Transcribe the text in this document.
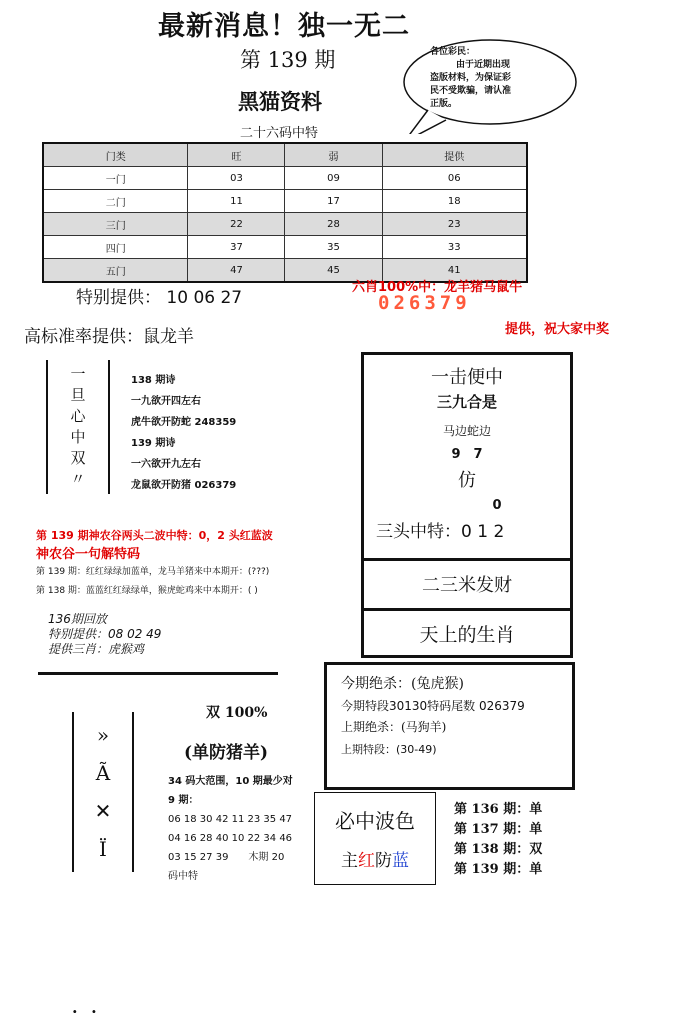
最新消息！独一无二
第 139 期
黑猫资料
二十六码中特
门类	旺	弱	提供
一门	03	09	06
二门	11	17	18
三门	22	28	23
四门	37	35	33
五门	47	45	41
各位彩民：
由于近期出现
盗版材料，为保证彩
民不受欺骗，请认准
正版。
特别提供： 10 06 27
六肖100%中：龙羊猪马鼠牛
026379
提供，祝大家中奖
高标准率提供：鼠龙羊
一
旦
心
中
双
〃
138 期诗
一九欲开四左右
虎牛欲开防蛇 248359
139 期诗
一六欲开九左右
龙鼠欲开防猪 026379
一击便中
三九合是
马边蛇边
9　7
仿
0
三头中特：0 1 2
二三米发财
天上的生肖
第 139 期神农谷两头二波中特：0，2 头红蓝波
神农谷一句解特码
第 139 期：红红绿绿加蓝单，龙马羊猪来中本期开：(???)
第 138 期：蓝蓝红红绿绿单，猴虎蛇鸡来中本期开：( )
136期回放
特别提供：08 02 49
提供三肖：虎猴鸡
今期绝杀：(兔虎猴)
今期特段30130特码尾数 026379
上期绝杀：(马狗羊)
上期特段：(30-49)
»
Ã
✕
Ï
双 100%
(单防猪羊)
34 码大范围，10 期最少对
9 期：
06 18 30 42 11 23 35 47
04 16 28 40 10 22 34 46
03 15 27 39　　木期 20
码中特
必中波色
主红防蓝
第 136 期：单
第 137 期：单
第 138 期：双
第 139 期：单
. .
